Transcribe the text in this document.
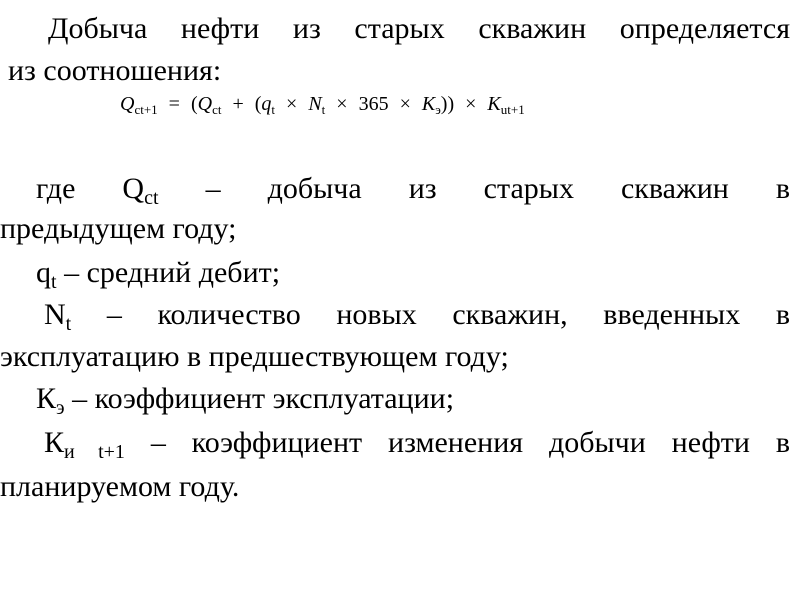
Добыча нефти из старых скважин определяется
из соотношения:
$Q_{ct+1} = (Q_{ct} + (q_t \times N_t \times 365 \times K_э)) \times K_{ut+1}$
где $Q_{ct}$ – добыча из старых скважин в
предыдущем году;
$q_t$ – средний дебит;
$N_t$ – количество новых скважин, введенных в
эксплуатацию в предшествующем году;
$К_э$ – коэффициент эксплуатации;
$К_{и t+1}$ – коэффициент изменения добычи нефти в
планируемом году.
